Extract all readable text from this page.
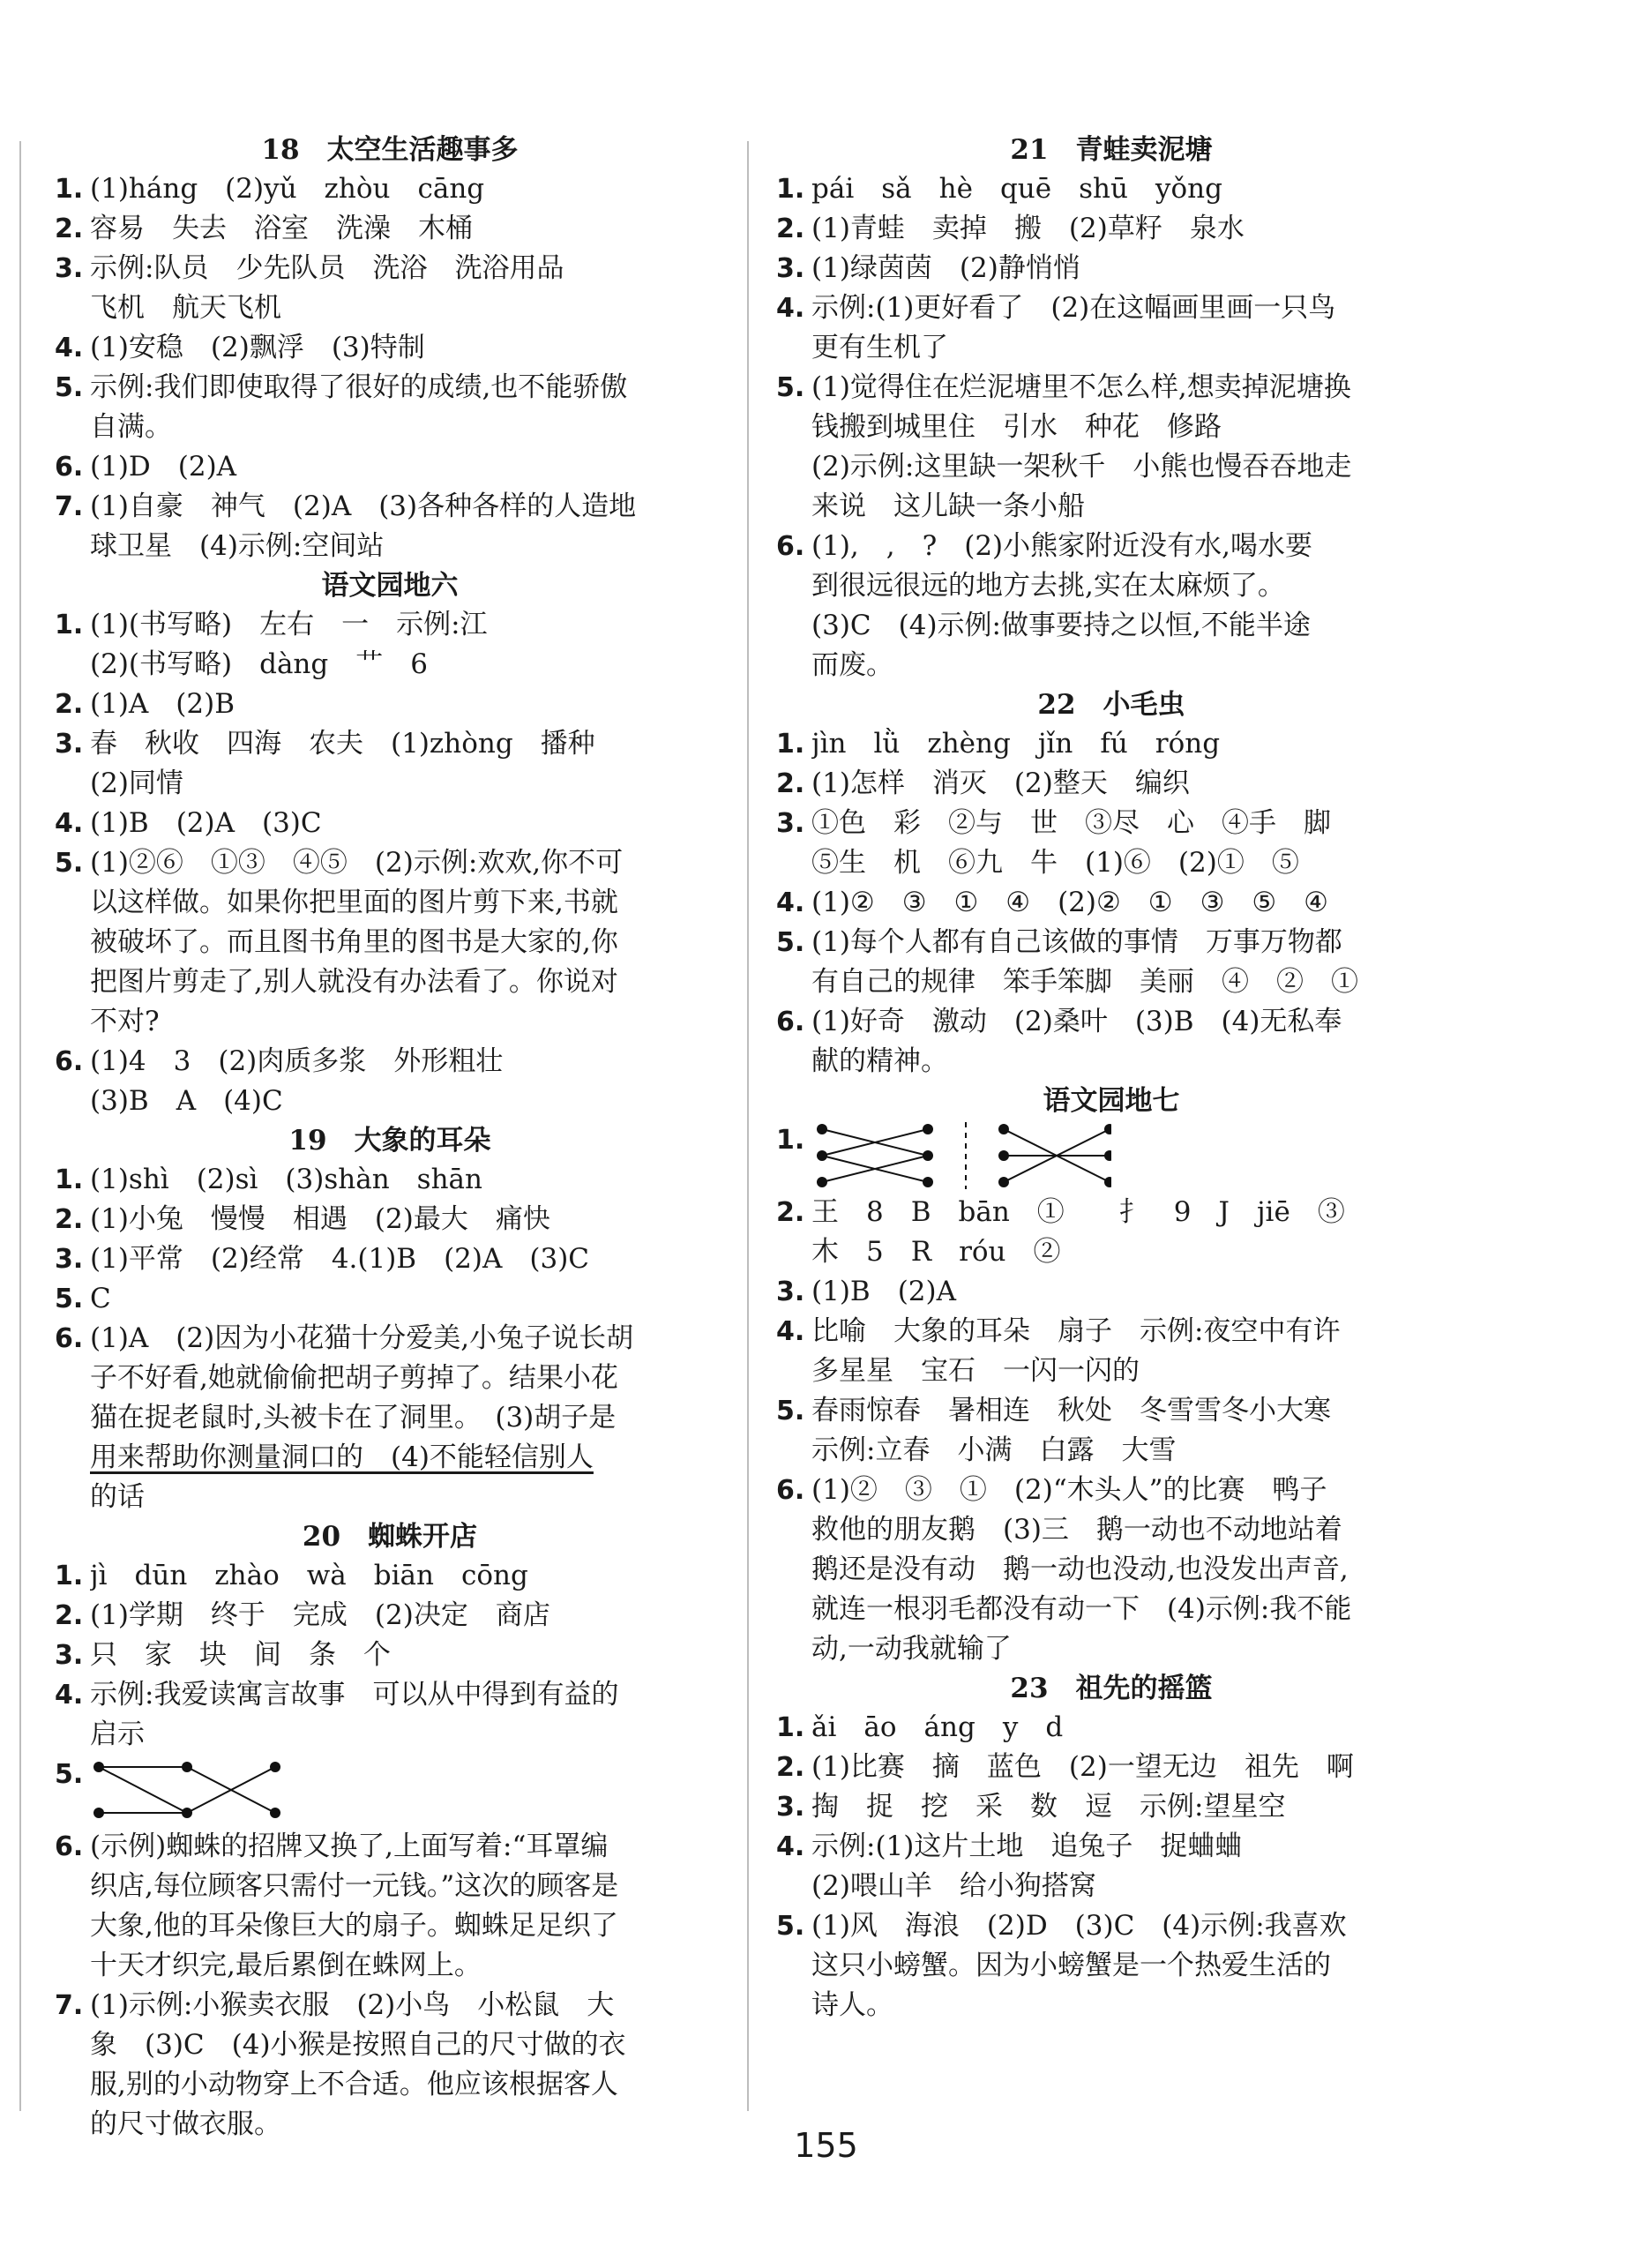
18　太空生活趣事多
1. (1)háng　(2)yǔ　zhòu　cāng
2. 容易　失去　浴室　洗澡　木桶
3. 示例:队员　少先队员　洗浴　洗浴用品
飞机　航天飞机
4. (1)安稳　(2)飘浮　(3)特制
5. 示例:我们即使取得了很好的成绩,也不能骄傲
自满。
6. (1)D　(2)A
7. (1)自豪　神气　(2)A　(3)各种各样的人造地
球卫星　(4)示例:空间站
语文园地六
1. (1)(书写略)　左右　一　示例:江
(2)(书写略)　dàng　艹　6
2. (1)A　(2)B
3. 春　秋收　四海　农夫　(1)zhòng　播种
(2)同情
4. (1)B　(2)A　(3)C
5. (1)②⑥　①③　④⑤　(2)示例:欢欢,你不可
以这样做。如果你把里面的图片剪下来,书就
被破坏了。而且图书角里的图书是大家的,你
把图片剪走了,别人就没有办法看了。你说对
不对?
6. (1)4　3　(2)肉质多浆　外形粗壮
(3)B　A　(4)C
19　大象的耳朵
1. (1)shì　(2)sì　(3)shàn　shān
2. (1)小兔　慢慢　相遇　(2)最大　痛快
3. (1)平常　(2)经常　4.(1)B　(2)A　(3)C
5. C
6. (1)A　(2)因为小花猫十分爱美,小兔子说长胡
子不好看,她就偷偷把胡子剪掉了。结果小花
猫在捉老鼠时,头被卡在了洞里。　(3)胡子是
用来帮助你测量洞口的　(4)不能轻信别人
的话
20　蜘蛛开店
1. jì　dūn　zhào　wà　biān　cōng
2. (1)学期　终于　完成　(2)决定　商店
3. 只　家　块　间　条　个
4. 示例:我爱读寓言故事　可以从中得到有益的
启示
5.
6. (示例)蜘蛛的招牌又换了,上面写着:“耳罩编
织店,每位顾客只需付一元钱。”这次的顾客是
大象,他的耳朵像巨大的扇子。蜘蛛足足织了
十天才织完,最后累倒在蛛网上。
7. (1)示例:小猴卖衣服　(2)小鸟　小松鼠　大
象　(3)C　(4)小猴是按照自己的尺寸做的衣
服,别的小动物穿上不合适。他应该根据客人
的尺寸做衣服。
21　青蛙卖泥塘
1. pái　sǎ　hè　quē　shū　yǒng
2. (1)青蛙　卖掉　搬　(2)草籽　泉水
3. (1)绿茵茵　(2)静悄悄
4. 示例:(1)更好看了　(2)在这幅画里画一只鸟
更有生机了
5. (1)觉得住在烂泥塘里不怎么样,想卖掉泥塘换
钱搬到城里住　引水　种花　修路
(2)示例:这里缺一架秋千　小熊也慢吞吞地走
来说　这儿缺一条小船
6. (1),　,　?　(2)小熊家附近没有水,喝水要
到很远很远的地方去挑,实在太麻烦了。
(3)C　(4)示例:做事要持之以恒,不能半途
而废。
22　小毛虫
1. jìn　lǜ　zhèng　jǐn　fú　róng
2. (1)怎样　消灭　(2)整天　编织
3. ①色　彩　②与　世　③尽　心　④手　脚
⑤生　机　⑥九　牛　(1)⑥　(2)①　⑤
4. (1)②　③　①　④　(2)②　①　③　⑤　④
5. (1)每个人都有自己该做的事情　万事万物都
有自己的规律　笨手笨脚　美丽　④　②　①
6. (1)好奇　激动　(2)桑叶　(3)B　(4)无私奉
献的精神。
语文园地七
1.
2. 王　8　B　bān　①　　扌　9　J　jiē　③
木　5　R　róu　②
3. (1)B　(2)A
4. 比喻　大象的耳朵　扇子　示例:夜空中有许
多星星　宝石　一闪一闪的
5. 春雨惊春　暑相连　秋处　冬雪雪冬小大寒
示例:立春　小满　白露　大雪
6. (1)②　③　①　(2)“木头人”的比赛　鸭子
救他的朋友鹅　(3)三　鹅一动也不动地站着
鹅还是没有动　鹅一动也没动,也没发出声音,
就连一根羽毛都没有动一下　(4)示例:我不能
动,一动我就输了
23　祖先的摇篮
1. ǎi　āo　áng　y　d
2. (1)比赛　摘　蓝色　(2)一望无边　祖先　啊
3. 掏　捉　挖　采　数　逗　示例:望星空
4. 示例:(1)这片土地　追兔子　捉蛐蛐
(2)喂山羊　给小狗搭窝
5. (1)风　海浪　(2)D　(3)C　(4)示例:我喜欢
这只小螃蟹。因为小螃蟹是一个热爱生活的
诗人。
155
